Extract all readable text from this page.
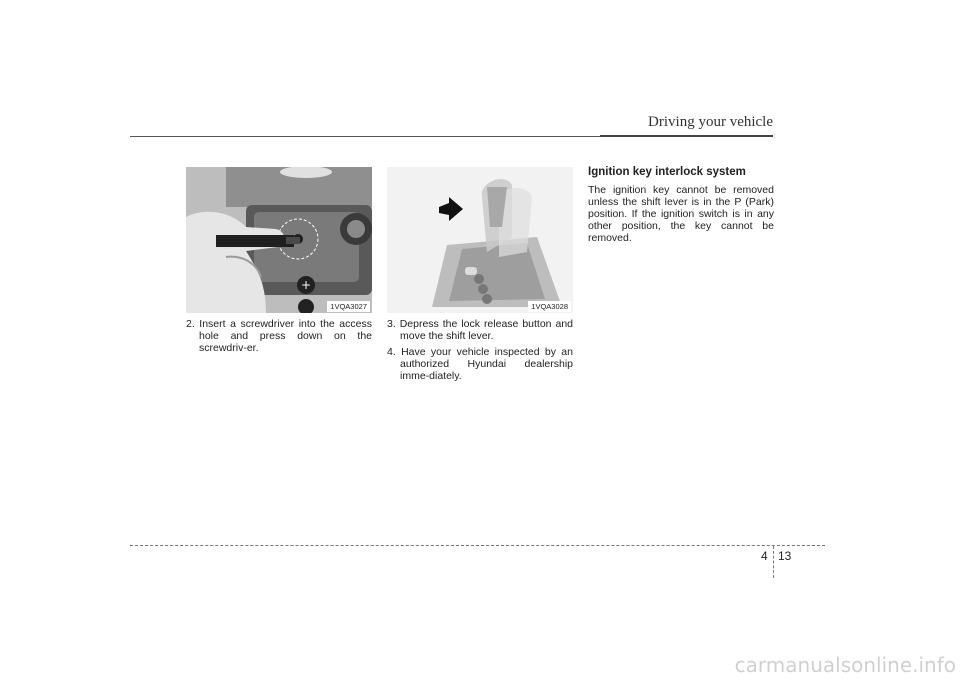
Driving your vehicle
+
1VQA3027	1VQA3028

2. Insert a screwdriver into the access hole and press down on the screwdriv-er.

3. Depress the lock release button and move the shift lever.

4. Have your vehicle inspected by an authorized Hyundai dealership imme-diately.

Ignition key interlock system

The ignition key cannot be removed unless the shift lever is in the P (Park) position. If the ignition switch is in any other position, the key cannot be removed.

4 13
carmanualsonline.info
